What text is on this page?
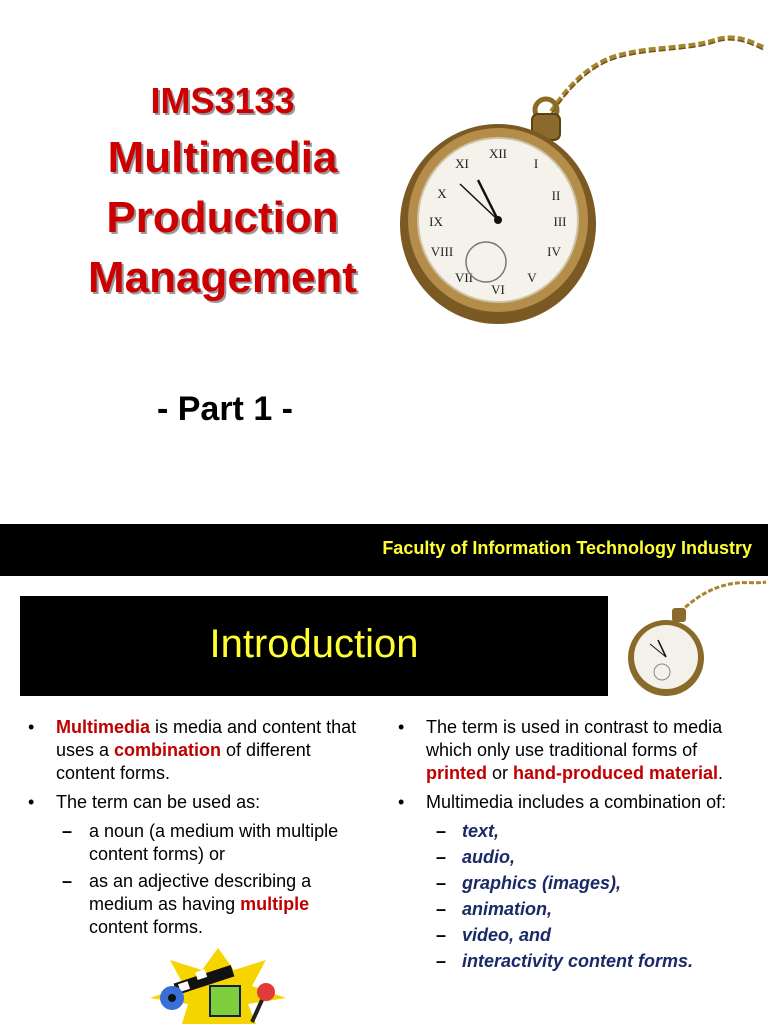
IMS3133
Multimedia
Production
Management
- Part 1 -
XII
I
II
III
IV
V
VI
VII
VIII
IX
X
XI
Faculty of Information Technology Industry
Introduction
• Multimedia is media and content that uses a combination of different content forms.
• The term can be used as:
– a noun (a medium with multiple content forms) or
– as an adjective describing a medium as having multiple content forms.
• The term is used in contrast to media which only use traditional forms of printed or hand-produced material.
• Multimedia includes a combination of:
– text,
– audio,
– graphics (images),
– animation,
– video, and
– interactivity content forms.
